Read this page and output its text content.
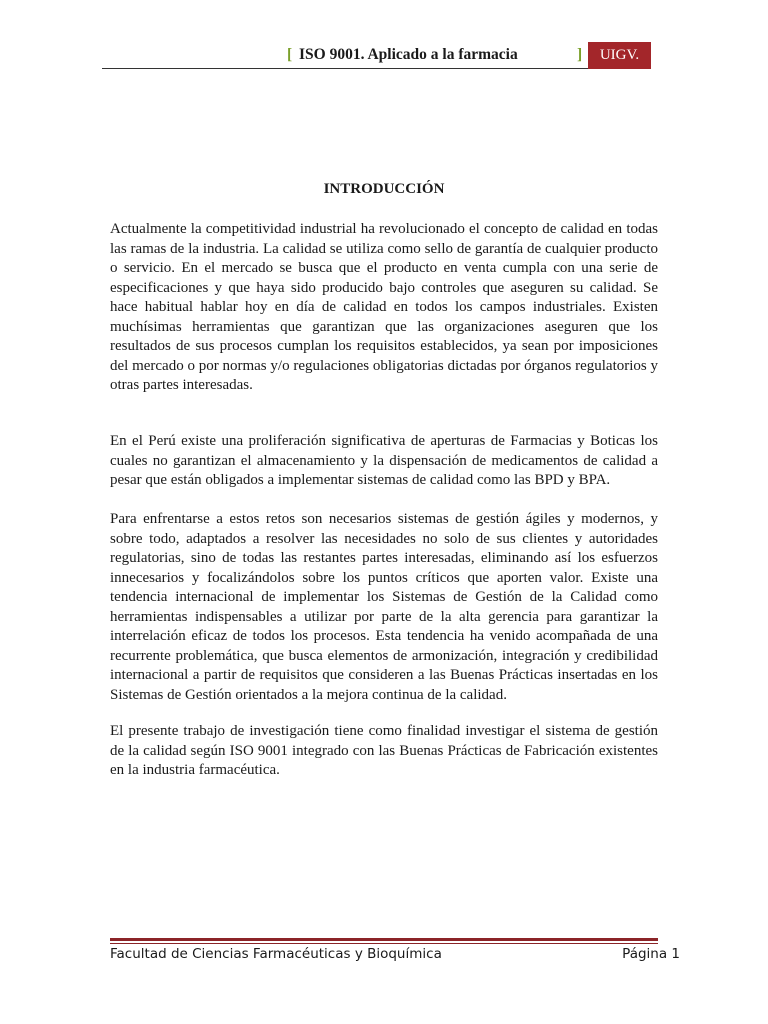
[ ISO 9001. Aplicado a la farmacia	]	UIGV.
INTRODUCCIÓN

Actualmente la competitividad industrial ha revolucionado el concepto de calidad en todas las ramas de la industria. La calidad se utiliza como sello de garantía de cualquier producto o servicio. En el mercado se busca que el producto en venta cumpla con una serie de especificaciones y que haya sido producido bajo controles que aseguren su calidad. Se hace habitual hablar hoy en día de calidad en todos los campos industriales. Existen muchísimas herramientas que garantizan que las organizaciones aseguren que los resultados de sus procesos cumplan los requisitos establecidos, ya sean por imposiciones del mercado o por normas y/o regulaciones obligatorias dictadas por órganos regulatorios y otras partes interesadas.

En el Perú existe una proliferación significativa de aperturas de Farmacias y Boticas los cuales no garantizan el almacenamiento y la dispensación de medicamentos de calidad a pesar que están obligados a implementar sistemas de calidad como las BPD y BPA.

Para enfrentarse a estos retos son necesarios sistemas de gestión ágiles y modernos, y sobre todo, adaptados a resolver las necesidades no solo de sus clientes y autoridades regulatorias, sino de todas las restantes partes interesadas, eliminando así los esfuerzos innecesarios y focalizándolos sobre los puntos críticos que aporten valor. Existe una tendencia internacional de implementar los Sistemas de Gestión de la Calidad como herramientas indispensables a utilizar por parte de la alta gerencia para garantizar la interrelación eficaz de todos los procesos. Esta tendencia ha venido acompañada de una recurrente problemática, que busca elementos de armonización, integración y credibilidad internacional a partir de requisitos que consideren a las Buenas Prácticas insertadas en los Sistemas de Gestión orientados a la mejora continua de la calidad.

El presente trabajo de investigación tiene como finalidad investigar el sistema de gestión de la calidad según ISO 9001 integrado con las Buenas Prácticas de Fabricación existentes en la industria farmacéutica.

Facultad de Ciencias Farmacéuticas y Bioquímica	Página 1
